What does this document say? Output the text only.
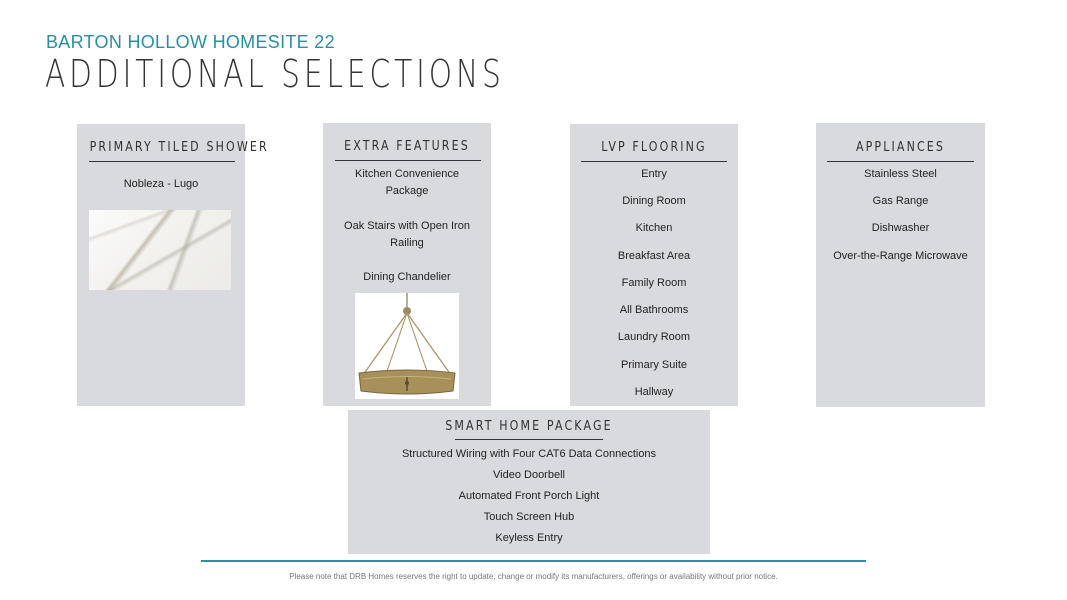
BARTON HOLLOW HOMESITE 22
ADDITIONAL SELECTIONS
PRIMARY TILED SHOWER
Nobleza - Lugo
EXTRA FEATURES
Kitchen Convenience
Package
Oak Stairs with Open Iron
Railing
Dining Chandelier
LVP FLOORING
Entry
Dining Room
Kitchen
Breakfast Area
Family Room
All Bathrooms
Laundry Room
Primary Suite
Hallway
APPLIANCES
Stainless Steel
Gas Range
Dishwasher
Over-the-Range Microwave
SMART HOME PACKAGE
Structured Wiring with Four CAT6 Data Connections
Video Doorbell
Automated Front Porch Light
Touch Screen Hub
Keyless Entry
Please note that DRB Homes reserves the right to update, change or modify its manufacturers, offerings or availability without prior notice.
